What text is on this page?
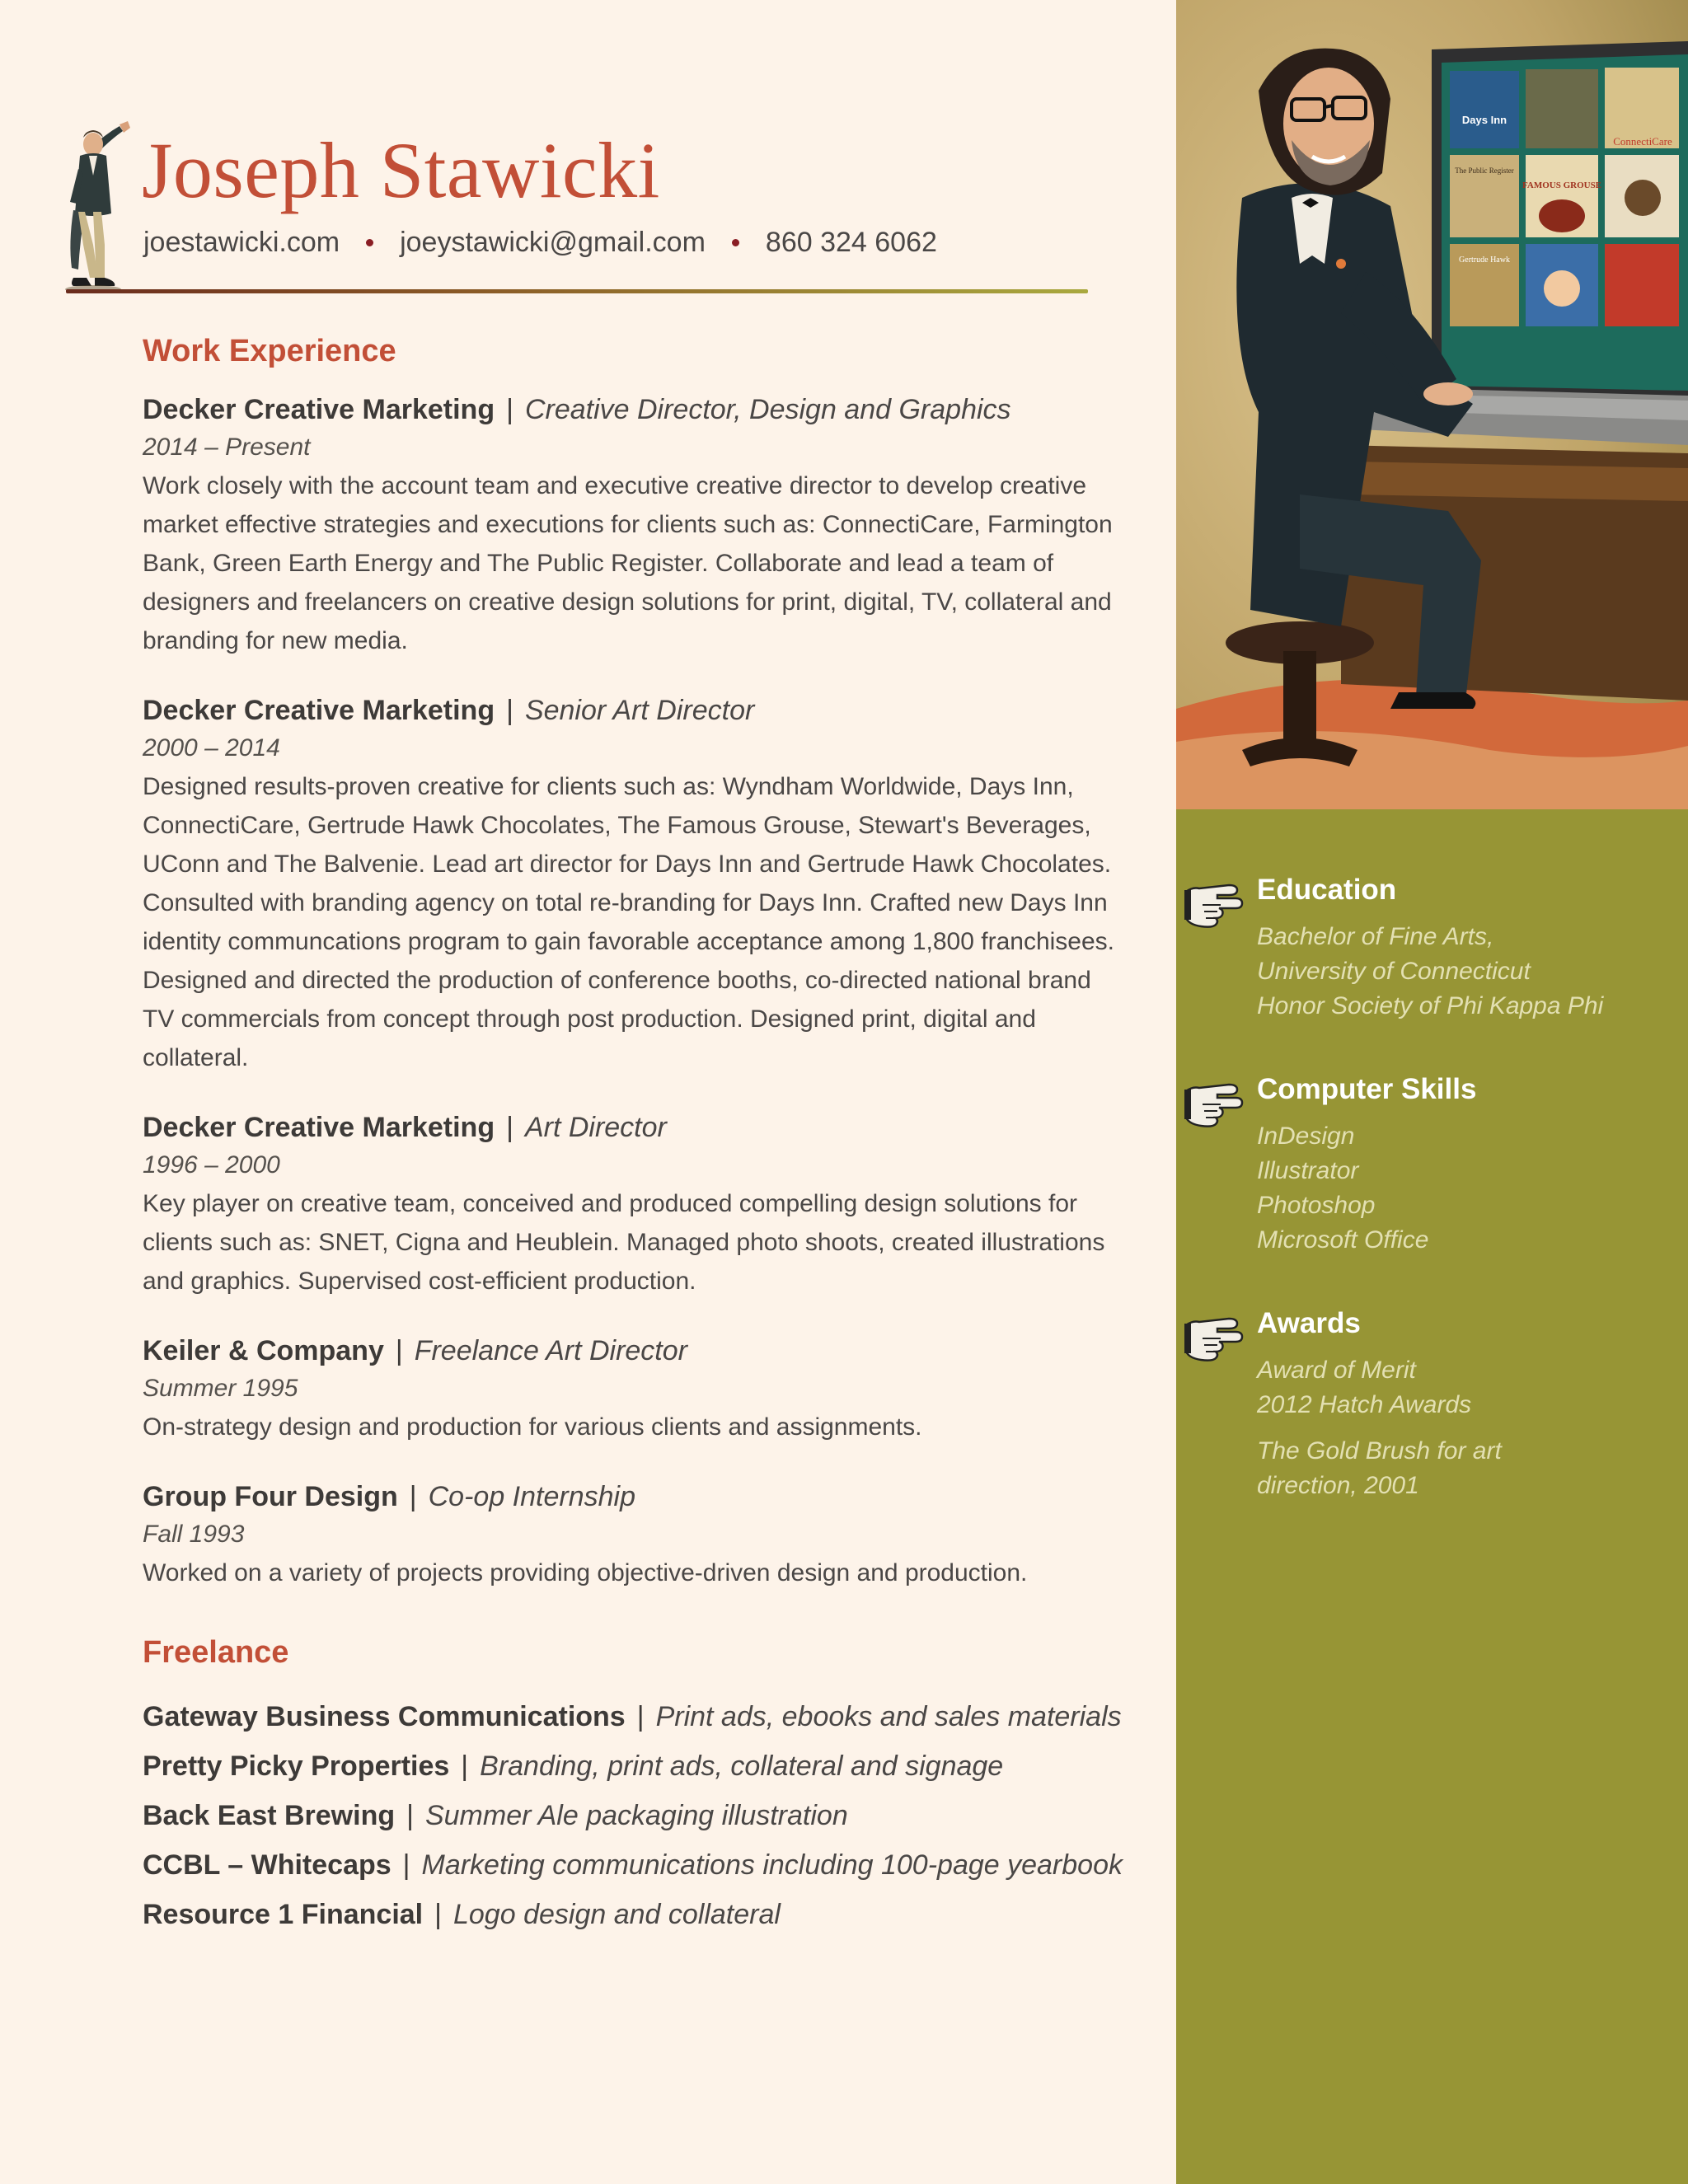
Joseph Stawicki
joestawicki.com joeystawicki@gmail.com 860 324 6062
Work Experience
Decker Creative Marketing | Creative Director, Design and Graphics
2014 – Present
Work closely with the account team and executive creative director to develop creative market effective strategies and executions for clients such as: ConnectiCare, Farmington Bank, Green Earth Energy and The Public Register. Collaborate and lead a team of designers and freelancers on creative design solutions for print, digital, TV, collateral and branding for new media.
Decker Creative Marketing | Senior Art Director
2000 – 2014
Designed results-proven creative for clients such as: Wyndham Worldwide, Days Inn, ConnectiCare, Gertrude Hawk Chocolates, The Famous Grouse, Stewart's Beverages, UConn and The Balvenie. Lead art director for Days Inn and Gertrude Hawk Chocolates. Consulted with branding agency on total re-branding for Days Inn. Crafted new Days Inn identity communcations program to gain favorable acceptance among 1,800 franchisees. Designed and directed the production of conference booths, co-directed national brand TV commercials from concept through post production. Designed print, digital and collateral.
Decker Creative Marketing | Art Director
1996 – 2000
Key player on creative team, conceived and produced compelling design solutions for clients such as: SNET, Cigna and Heublein. Managed photo shoots, created illustrations and graphics. Supervised cost-efficient production.
Keiler & Company | Freelance Art Director
Summer 1995
On-strategy design and production for various clients and assignments.
Group Four Design | Co-op Internship
Fall 1993
Worked on a variety of projects providing objective-driven design and production.
Freelance
Gateway Business Communications | Print ads, ebooks and sales materials
Pretty Picky Properties | Branding, print ads, collateral and signage
Back East Brewing | Summer Ale packaging illustration
CCBL – Whitecaps | Marketing communications including 100-page yearbook
Resource 1 Financial | Logo design and collateral
Days Inn
ConnectiCare
The Public Register
FAMOUS GROUSE
Gertrude Hawk
Education
Bachelor of Fine Arts,
University of Connecticut
Honor Society of Phi Kappa Phi
Computer Skills
InDesign
Illustrator
Photoshop
Microsoft Office
Awards
Award of Merit
2012 Hatch Awards
The Gold Brush for art
direction, 2001
